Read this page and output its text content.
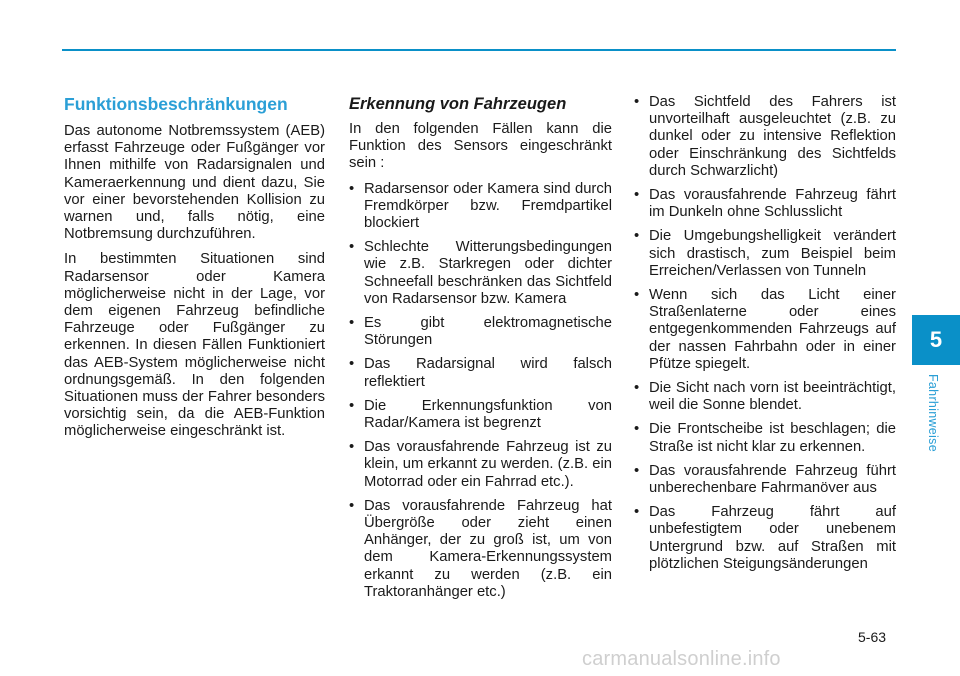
Funktionsbeschränkungen

Das autonome Notbremssystem (AEB) erfasst Fahrzeuge oder Fußgänger vor Ihnen mithilfe von Radarsignalen und Kameraerkennung und dient dazu, Sie vor einer bevorstehenden Kollision zu warnen und, falls nötig, eine Notbremsung durchzuführen.

In bestimmten Situationen sind Radarsensor oder Kamera möglicherweise nicht in der Lage, vor dem eigenen Fahrzeug befindliche Fahrzeuge oder Fußgänger zu erkennen. In diesen Fällen Funktioniert das AEB-System möglicherweise nicht ordnungsgemäß. In den folgenden Situationen muss der Fahrer besonders vorsichtig sein, da die AEB-Funktion möglicherweise eingeschränkt ist.

Erkennung von Fahrzeugen

In den folgenden Fällen kann die Funktion des Sensors eingeschränkt sein :

• Radarsensor oder Kamera sind durch Fremdkörper bzw. Fremdpartikel blockiert
• Schlechte Witterungsbedingungen wie z.B. Starkregen oder dichter Schneefall beschränken das Sichtfeld von Radarsensor bzw. Kamera
• Es gibt elektromagnetische Störungen
• Das Radarsignal wird falsch reflektiert
• Die Erkennungsfunktion von Radar/Kamera ist begrenzt
• Das vorausfahrende Fahrzeug ist zu klein, um erkannt zu werden. (z.B. ein Motorrad oder ein Fahrrad etc.).
• Das vorausfahrende Fahrzeug hat Übergröße oder zieht einen Anhänger, der zu groß ist, um von dem Kamera-Erkennungssystem erkannt zu werden (z.B. ein Traktoranhänger etc.)
• Das Sichtfeld des Fahrers ist unvorteilhaft ausgeleuchtet (z.B. zu dunkel oder zu intensive Reflektion oder Einschränkung des Sichtfelds durch Schwarzlicht)
• Das vorausfahrende Fahrzeug fährt im Dunkeln ohne Schlusslicht
• Die Umgebungshelligkeit verändert sich drastisch, zum Beispiel beim Erreichen/Verlassen von Tunneln
• Wenn sich das Licht einer Straßenlaterne oder eines entgegenkommenden Fahrzeugs auf der nassen Fahrbahn oder in einer Pfütze spiegelt.
• Die Sicht nach vorn ist beeinträchtigt, weil die Sonne blendet.
• Die Frontscheibe ist beschlagen; die Straße ist nicht klar zu erkennen.
• Das vorausfahrende Fahrzeug führt unberechenbare Fahrmanöver aus
• Das Fahrzeug fährt auf unbefestigtem oder unebenem Untergrund bzw. auf Straßen mit plötzlichen Steigungsänderungen
5
Fahrhinweise
5-63
carmanualsonline.info
